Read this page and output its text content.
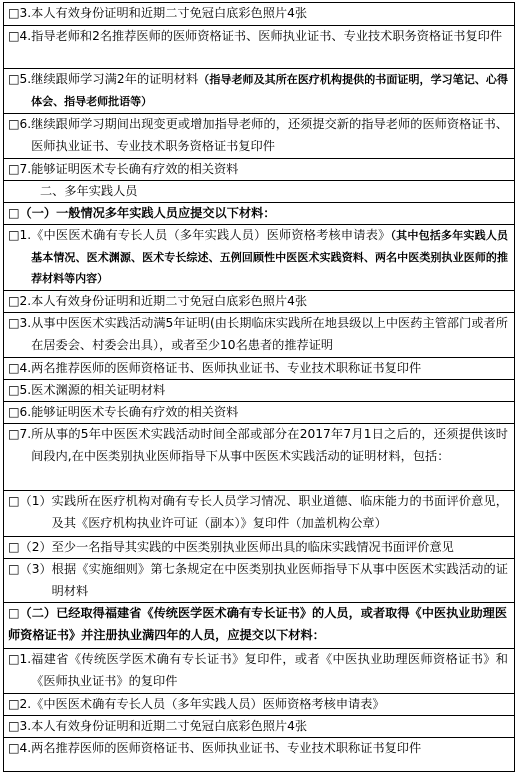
□3.本人有效身份证明和近期二寸免冠白底彩色照片4张
□4. 指导老师和2名推荐医师的医师资格证书、医师执业证书、专业技术职务资格证书复印件
□5. 继续跟师学习满2年的证明材料（指导老师及其所在医疗机构提供的书面证明，学习笔记、心得体会、指导老师批语等）
□6. 继续跟师学习期间出现变更或增加指导老师的，还须提交新的指导老师的医师资格证书、医师执业证书、专业技术职务资格证书复印件
□7.能够证明医术专长确有疗效的相关资料
二、多年实践人员
□（一）一般情况多年实践人员应提交以下材料：
□1. 《中医医术确有专长人员（多年实践人员）医师资格考核申请表》（其中包括多年实践人员基本情况、医术渊源、医术专长综述、五例回顾性中医医术实践资料、两名中医类别执业医师的推荐材料等内容）
□2.本人有效身份证明和近期二寸免冠白底彩色照片4张
□3. 从事中医医术实践活动满5年证明(由长期临床实践所在地县级以上中医药主管部门或者所在居委会、村委会出具），或者至少10名患者的推荐证明
□4.两名推荐医师的医师资格证书、医师执业证书、专业技术职称证书复印件
□5.医术渊源的相关证明材料
□6.能够证明医术专长确有疗效的相关资料
□7. 所从事的5年中医医术实践活动时间全部或部分在2017年7月1日之后的，还须提供该时间段内,在中医类别执业医师指导下从事中医医术实践活动的证明材料，包括：
□（1） 实践所在医疗机构对确有专长人员学习情况、职业道德、临床能力的书面评价意见，及其《医疗机构执业许可证（副本）》复印件（加盖机构公章）
□（2）至少一名指导其实践的中医类别执业医师出具的临床实践情况书面评价意见
□（3） 根据《实施细则》第七条规定在中医类别执业医师指导下从事中医医术实践活动的证明材料
□（二）已经取得福建省《传统医学医术确有专长证书》的人员，或者取得《中医执业助理医师资格证书》并注册执业满四年的人员，应提交以下材料：
□1. 福建省《传统医学医术确有专长证书》复印件，或者《中医执业助理医师资格证书》和《医师执业证书》的复印件
□2.《中医医术确有专长人员（多年实践人员）医师资格考核申请表》
□3.本人有效身份证明和近期二寸免冠白底彩色照片4张
□4.两名推荐医师的医师资格证书、医师执业证书、专业技术职称证书复印件
